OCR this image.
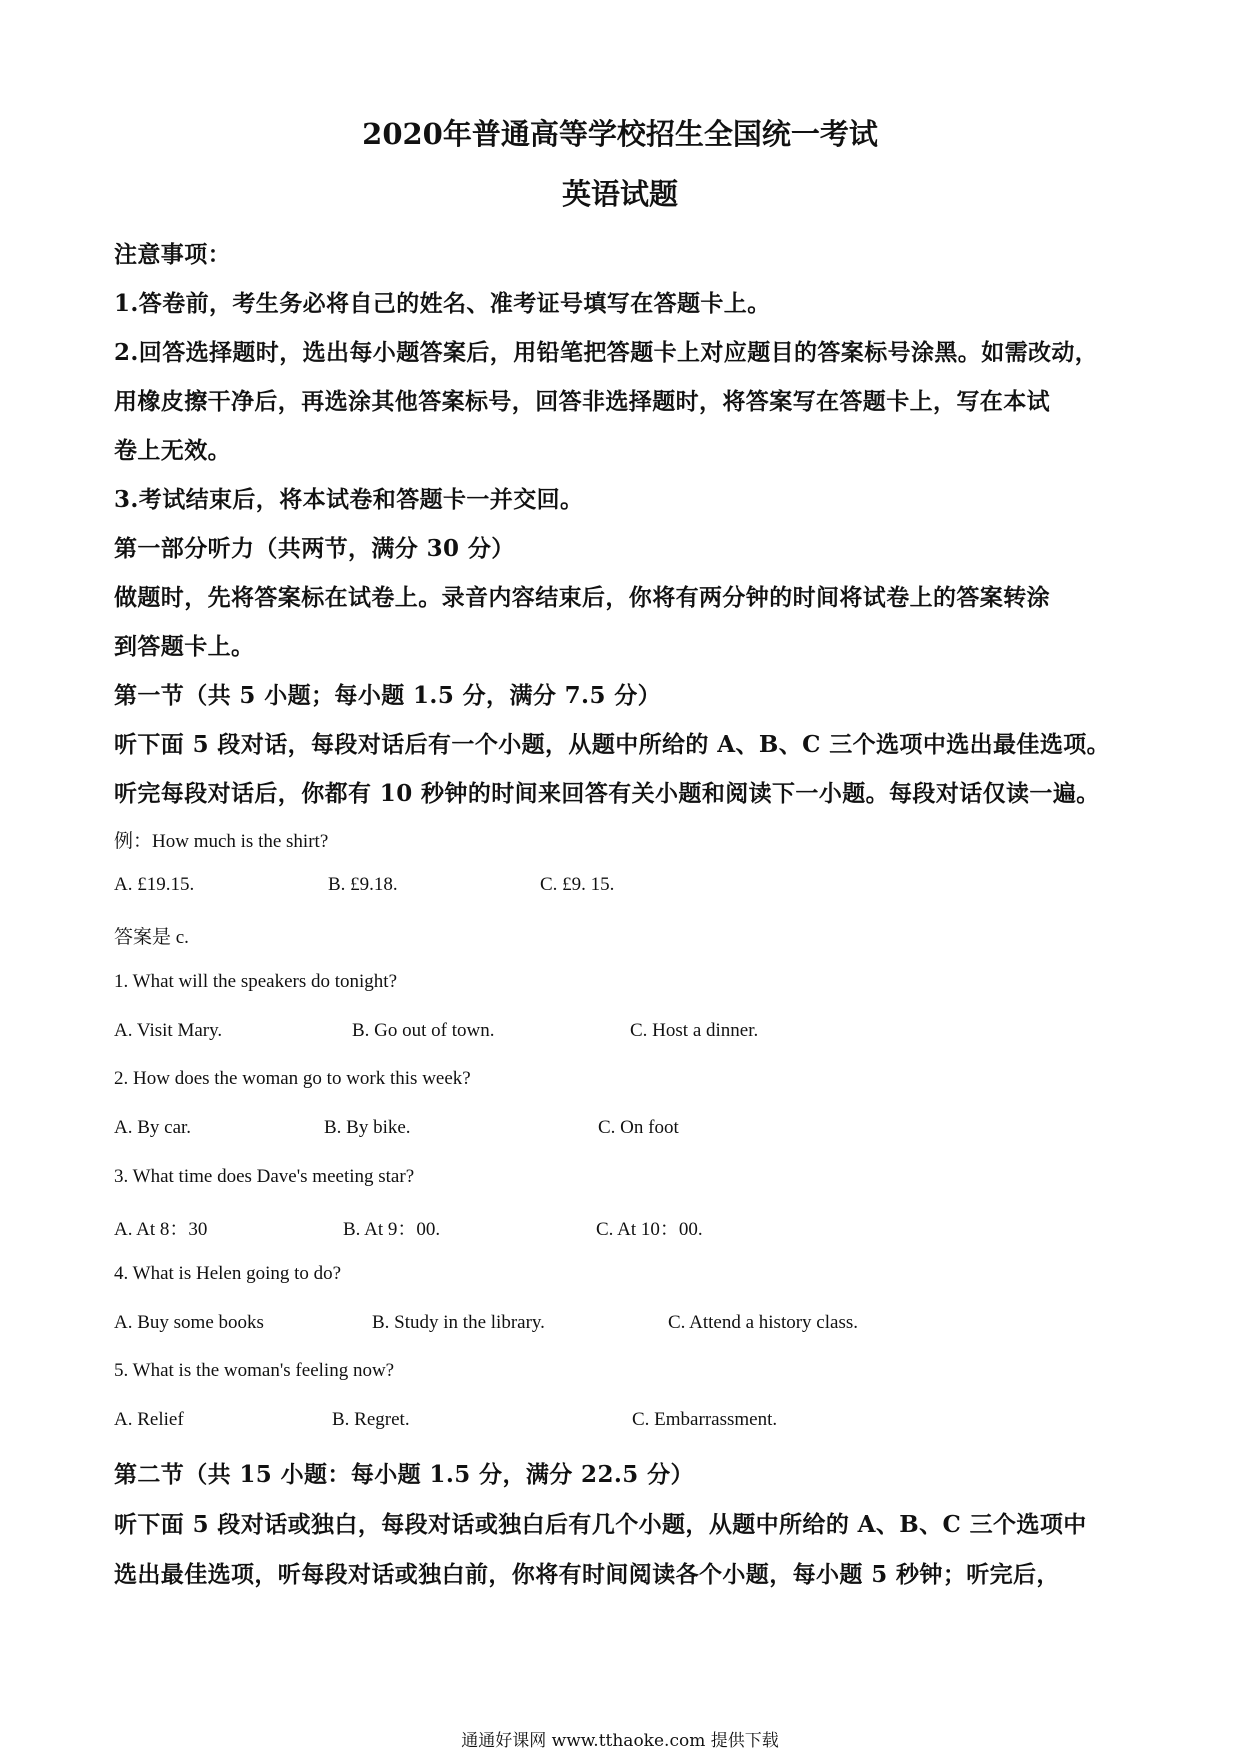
2020年普通高等学校招生全国统一考试
英语试题
注意事项：
1.答卷前，考生务必将自己的姓名、准考证号填写在答题卡上。
2.回答选择题时，选出每小题答案后，用铅笔把答题卡上对应题目的答案标号涂黑。如需改动，
用橡皮擦干净后，再选涂其他答案标号，回答非选择题时，将答案写在答题卡上，写在本试
卷上无效。
3.考试结束后，将本试卷和答题卡一并交回。
第一部分听力（共两节，满分 30 分）
做题时，先将答案标在试卷上。录音内容结束后，你将有两分钟的时间将试卷上的答案转涂
到答题卡上。
第一节（共 5 小题；每小题 1.5 分，满分 7.5 分）
听下面 5 段对话，每段对话后有一个小题，从题中所给的 A、B、C 三个选项中选出最佳选项。
听完每段对话后，你都有 10 秒钟的时间来回答有关小题和阅读下一小题。每段对话仅读一遍。
例：How much is the shirt?
A. £19.15.	B. £9.18.	C. £9. 15.
答案是 c.
1. What will the speakers do tonight?
A. Visit Mary.	B. Go out of town.	C. Host a dinner.
2. How does the woman go to work this week?
A. By car.	B. By bike.	C. On foot
3. What time does Dave's meeting star?
A. At 8：30	B. At 9：00.	C. At 10：00.
4. What is Helen going to do?
A. Buy some books	B. Study in the library.	C. Attend a history class.
5. What is the woman's feeling now?
A. Relief	B. Regret.	C. Embarrassment.
第二节（共 15 小题：每小题 1.5 分，满分 22.5 分）
听下面 5 段对话或独白，每段对话或独白后有几个小题，从题中所给的 A、B、C 三个选项中
选出最佳选项，听每段对话或独白前，你将有时间阅读各个小题，每小题 5 秒钟；听完后，
通通好课网 www.tthaoke.com 提供下载
